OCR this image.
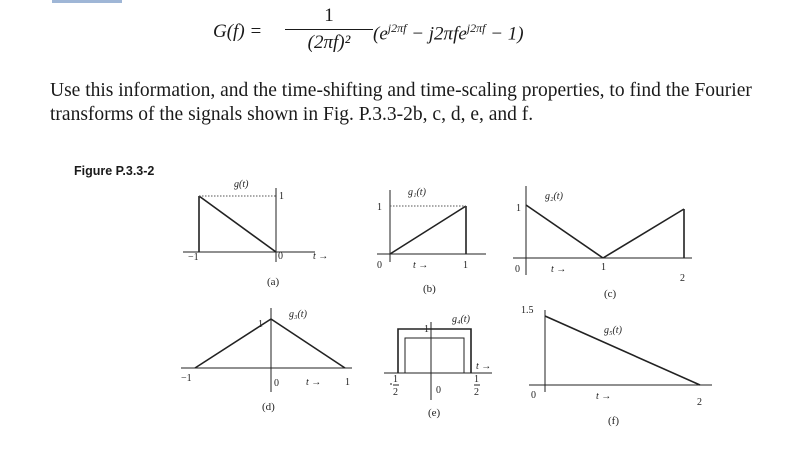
G(f) =
1
(2πf)²	$(e^{j2\pi f} - j2\pi fe^{j2\pi f} - 1)$

Use this information, and the time-shifting and time-scaling properties, to find the Fourier transforms of the signals shown in Fig. P.3.3-2b, c, d, e, and f.

Figure P.3.3-2
g(t)
1
−1	0	t →
(a)
g₁(t)
1
0	1
t →
(b)
g₂(t)
1
0	1
2
t →
(c)
g₃(t)
1
−1	0	1
t →
(d)
g₄(t)
1
0
1
2
1
2
t →
(e)
g₅(t)
1.5
0
2
t →
(f)
